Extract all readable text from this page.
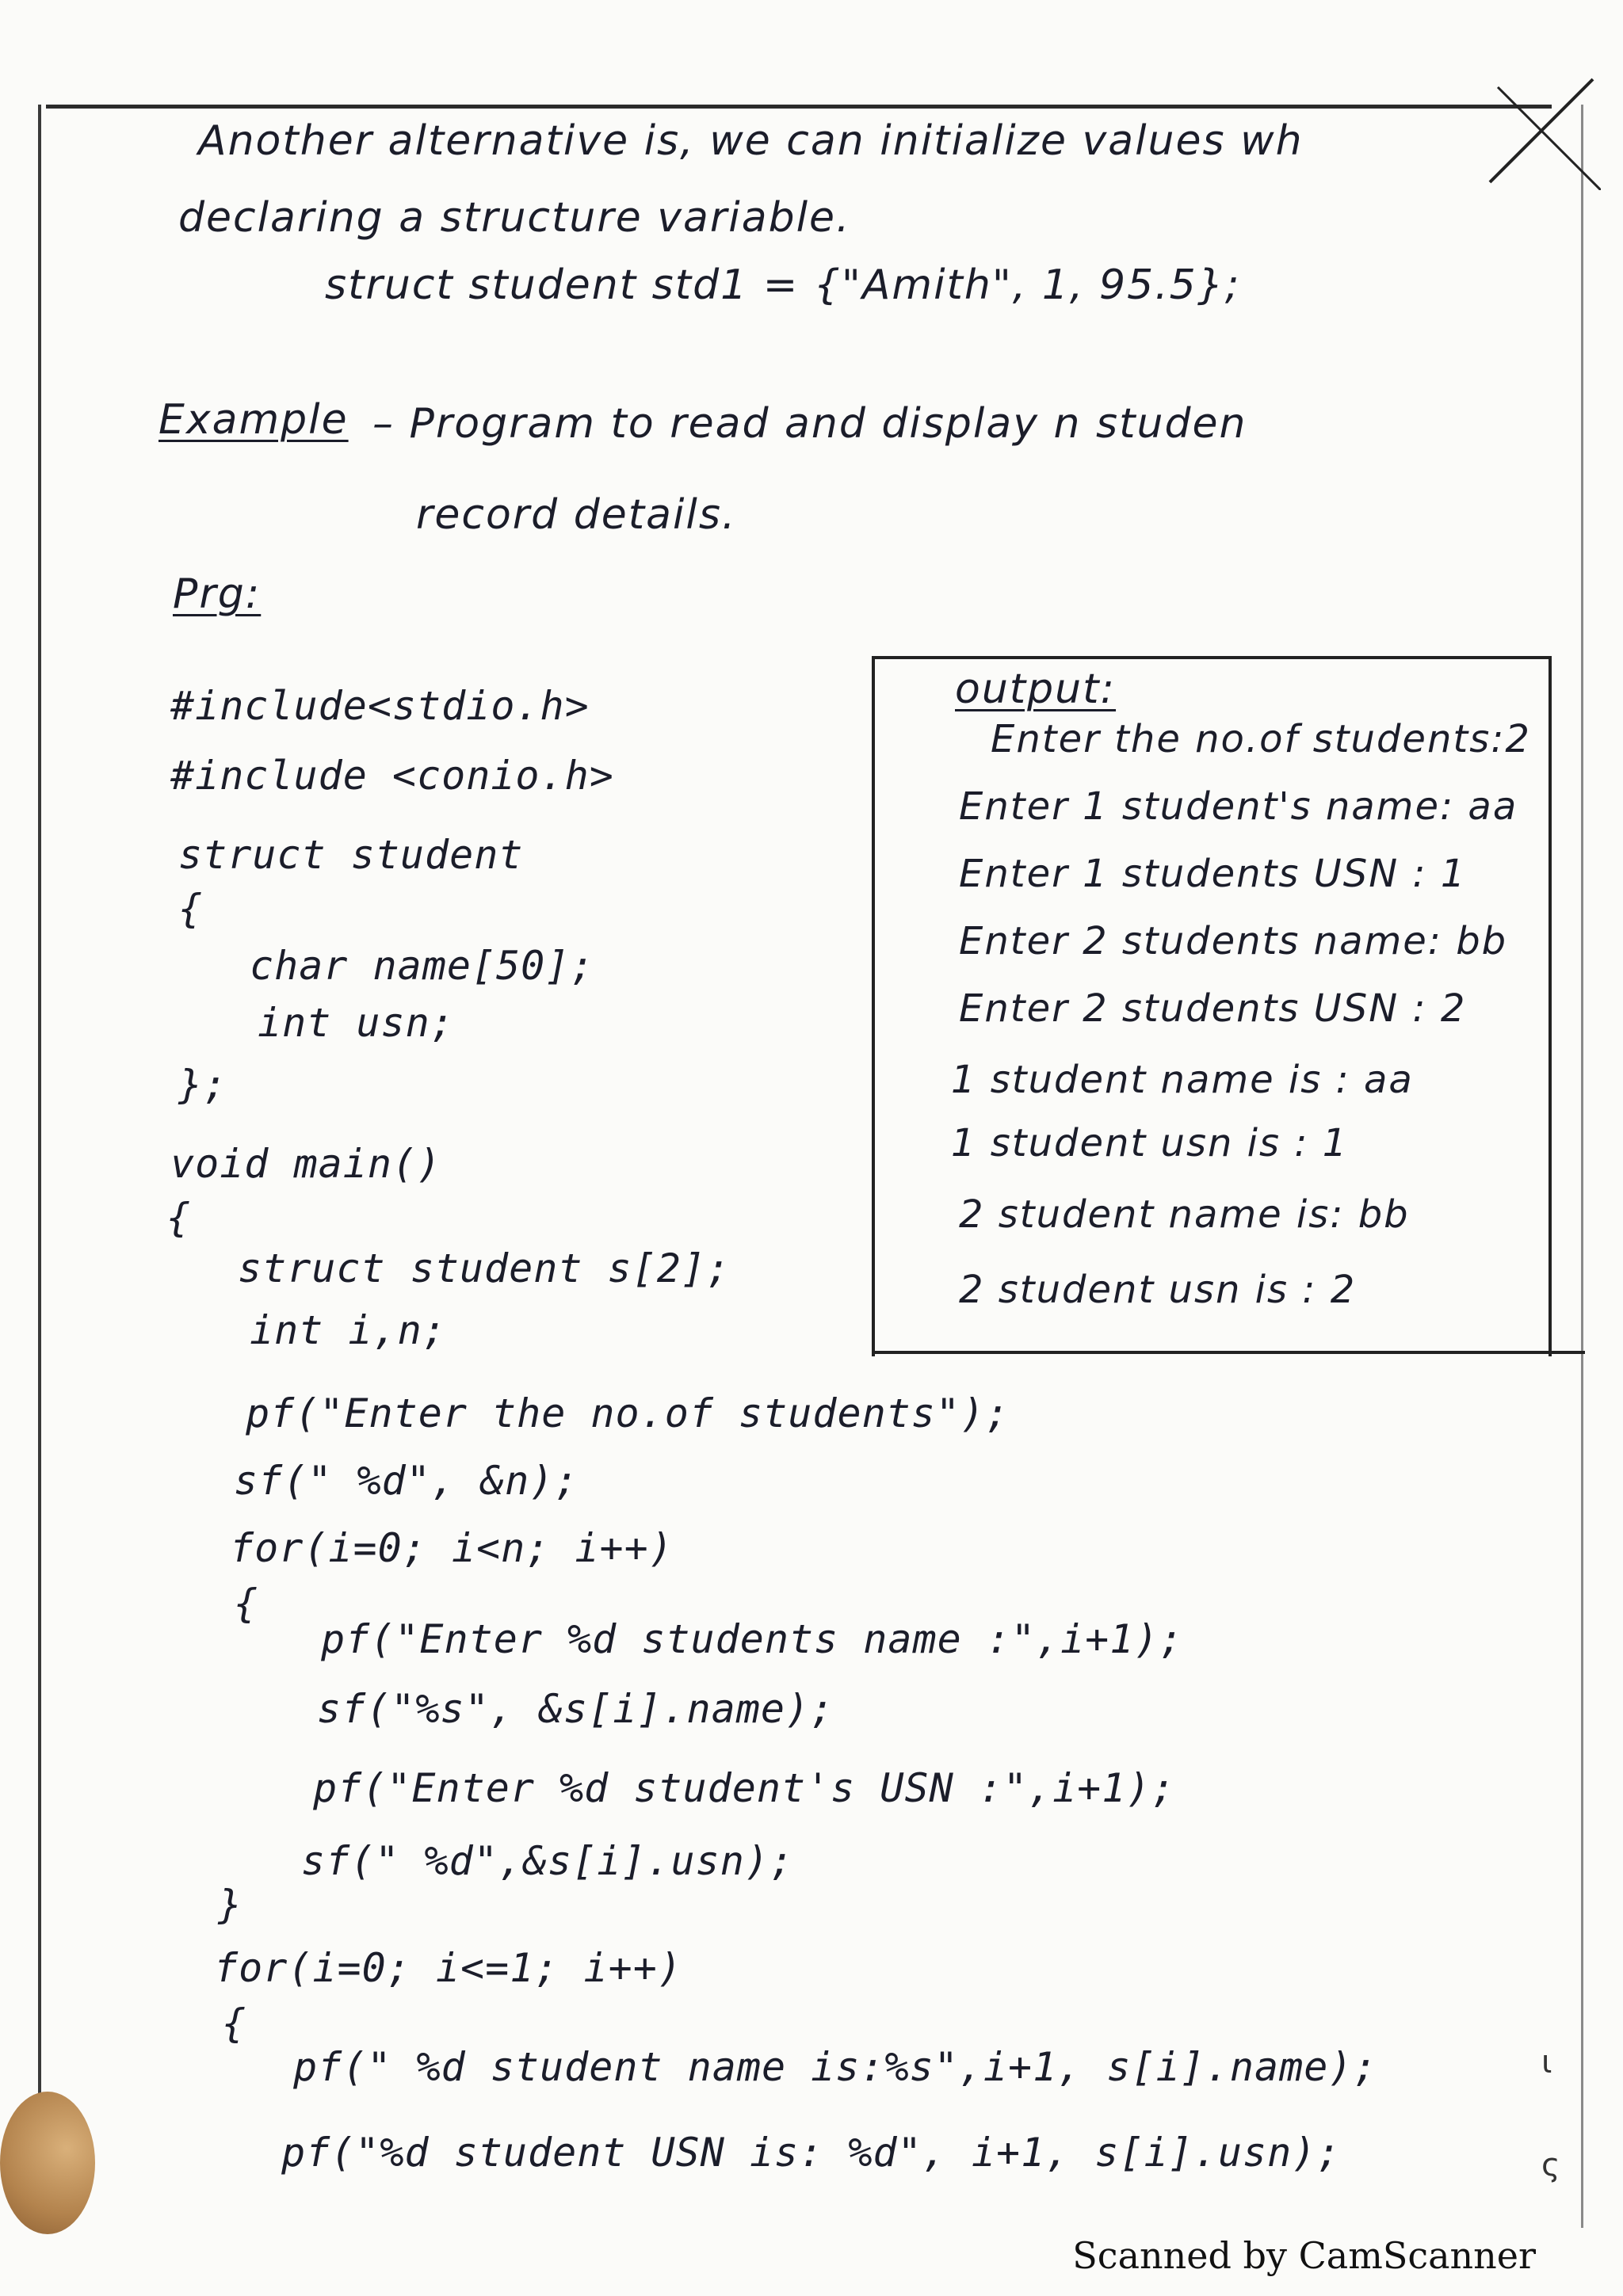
Another alternative is, we can initialize values wh
declaring a structure variable.
struct student std1 = {"Amith", 1, 95.5};
Example – Program to read and display n studen
record details.
Prg:
#include<stdio.h>
#include <conio.h>
struct student
{
char name[50];
int usn;
};
void main()
{
struct student s[2];
int i,n;
pf("Enter the no.of students");
sf(" %d", &n);
for(i=0; i<n; i++)
{
pf("Enter %d students name :",i+1);
sf("%s", &s[i].name);
pf("Enter %d student's USN :",i+1);
sf(" %d",&s[i].usn);
}
for(i=0; i<=1; i++)
{
pf(" %d student name is:%s",i+1, s[i].name);
pf("%d student USN is: %d", i+1, s[i].usn);
output:
Enter the no.of students:2
Enter 1 student's name: aa
Enter 1 students USN : 1
Enter 2 students name: bb
Enter 2 students USN : 2
1 student name is : aa
1 student usn is : 1
2 student name is: bb
2 student usn is : 2
ι
ς
Scanned by CamScanner
